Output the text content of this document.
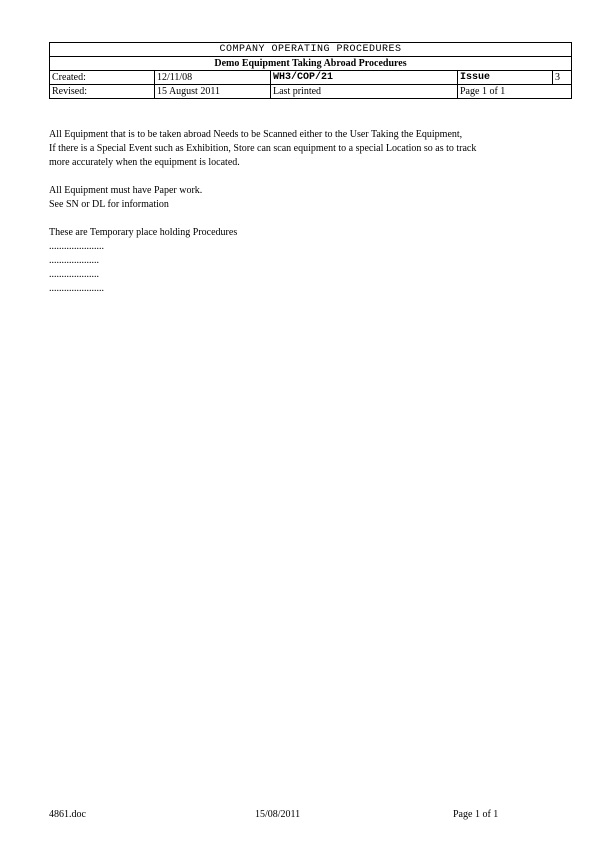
COMPANY OPERATING PROCEDURES				
Demo Equipment Taking Abroad Procedures				
Created:	12/11/08	WH3/COP/21	Issue	3
Revised:	15 August 2011	Last printed	Page 1 of 1	

All Equipment that is to be taken abroad Needs to be Scanned either to the User Taking the Equipment,

If there is a Special Event such as Exhibition, Store can scan equipment to a special Location so as to track

more accurately when the equipment is located.

All Equipment must have Paper work.

See SN or DL for information

These are Temporary place holding Procedures

......................

....................

....................

......................

4861.doc	15/08/2011	Page 1 of 1
